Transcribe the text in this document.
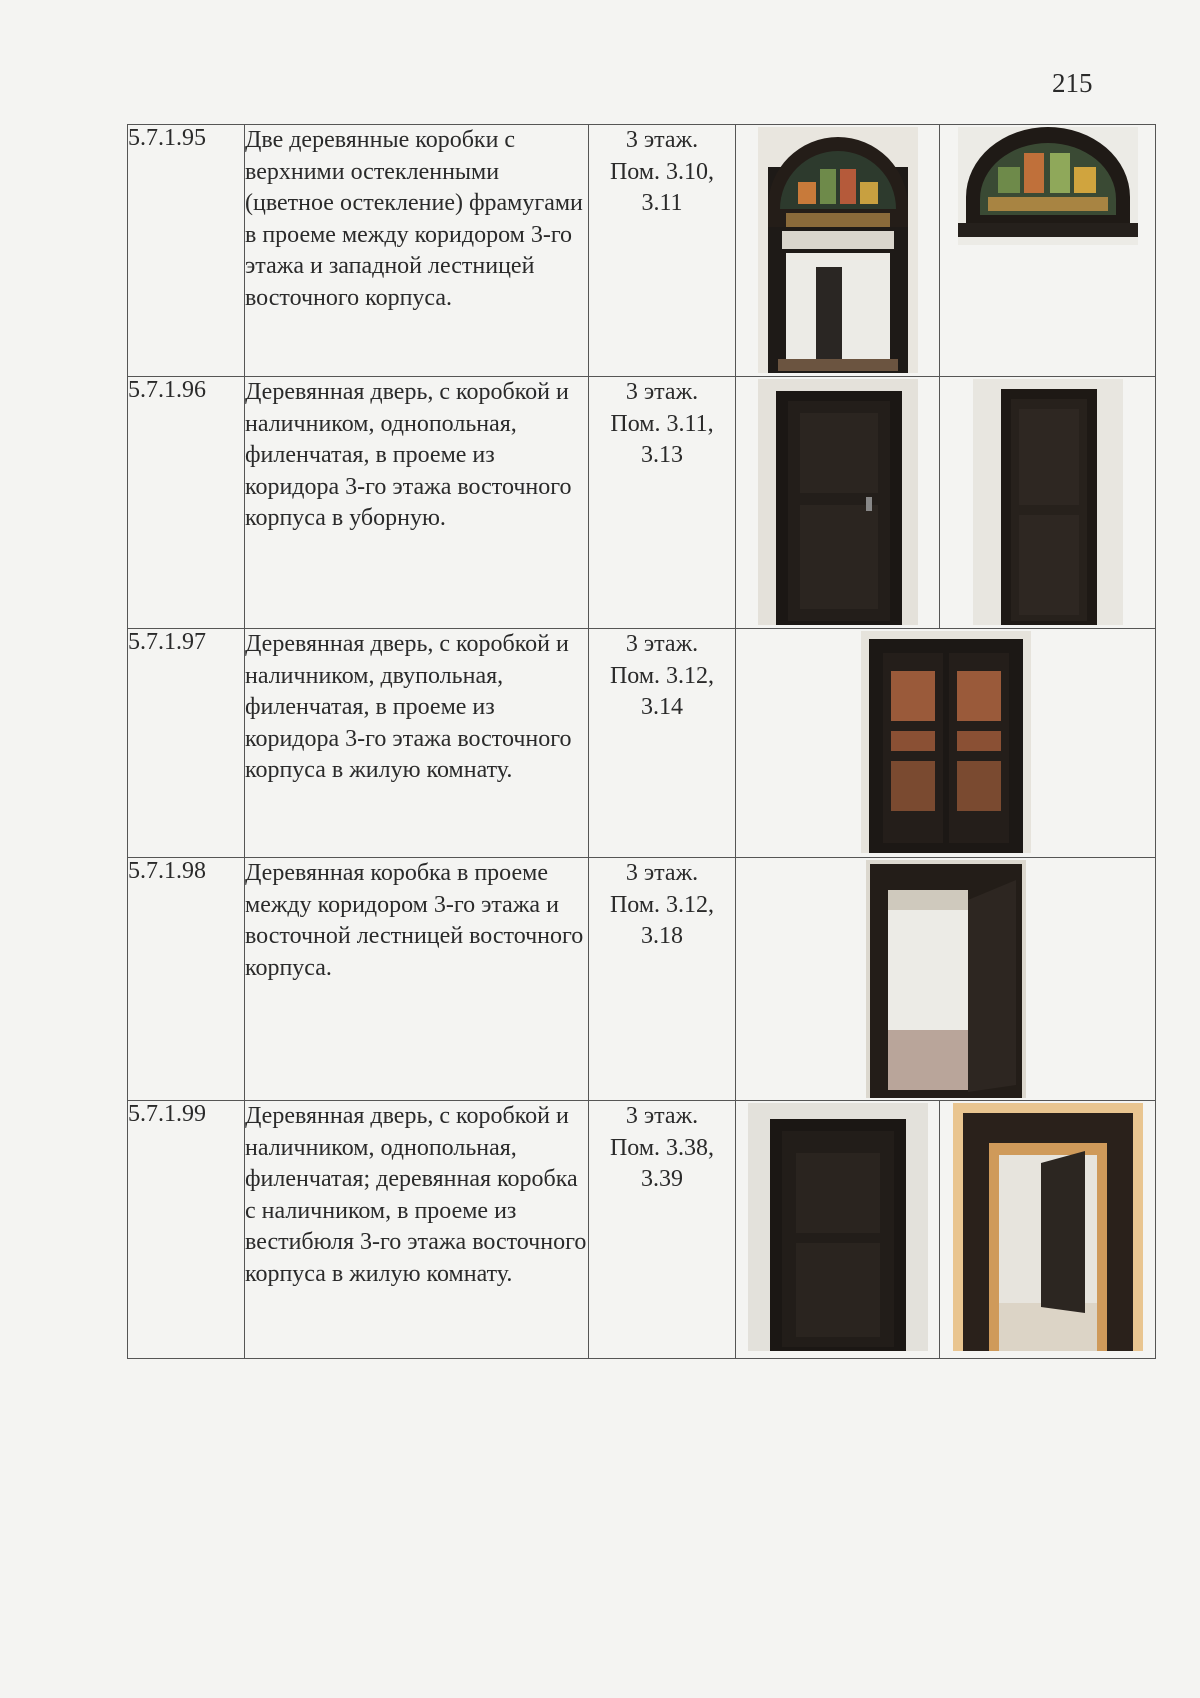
215
5.7.1.95	Две деревянные коробки с верхними остекленными (цветное остекление) фрамугами в проеме между коридором 3-го этажа и западной лестницей восточного корпуса.	3 этаж.
Пом. 3.10,
3.11

5.7.1.96	Деревянная дверь, с коробкой и наличником, однопольная, филенчатая, в проеме из коридора 3-го этажа восточного корпуса в уборную.	3 этаж.
Пом. 3.11,
3.13

5.7.1.97	Деревянная дверь, с коробкой и наличником, двупольная, филенчатая, в проеме из коридора 3-го этажа восточного корпуса в жилую комнату.	3 этаж.
Пом. 3.12,
3.14

5.7.1.98	Деревянная коробка в проеме между коридором 3-го этажа и восточной лестницей восточного корпуса.	3 этаж.
Пом. 3.12,
3.18

5.7.1.99	Деревянная дверь, с коробкой и наличником, однопольная, филенчатая; деревянная коробка с наличником, в проеме из вестибюля 3-го этажа восточного корпуса в жилую комнату.	3 этаж.
Пом. 3.38,
3.39
